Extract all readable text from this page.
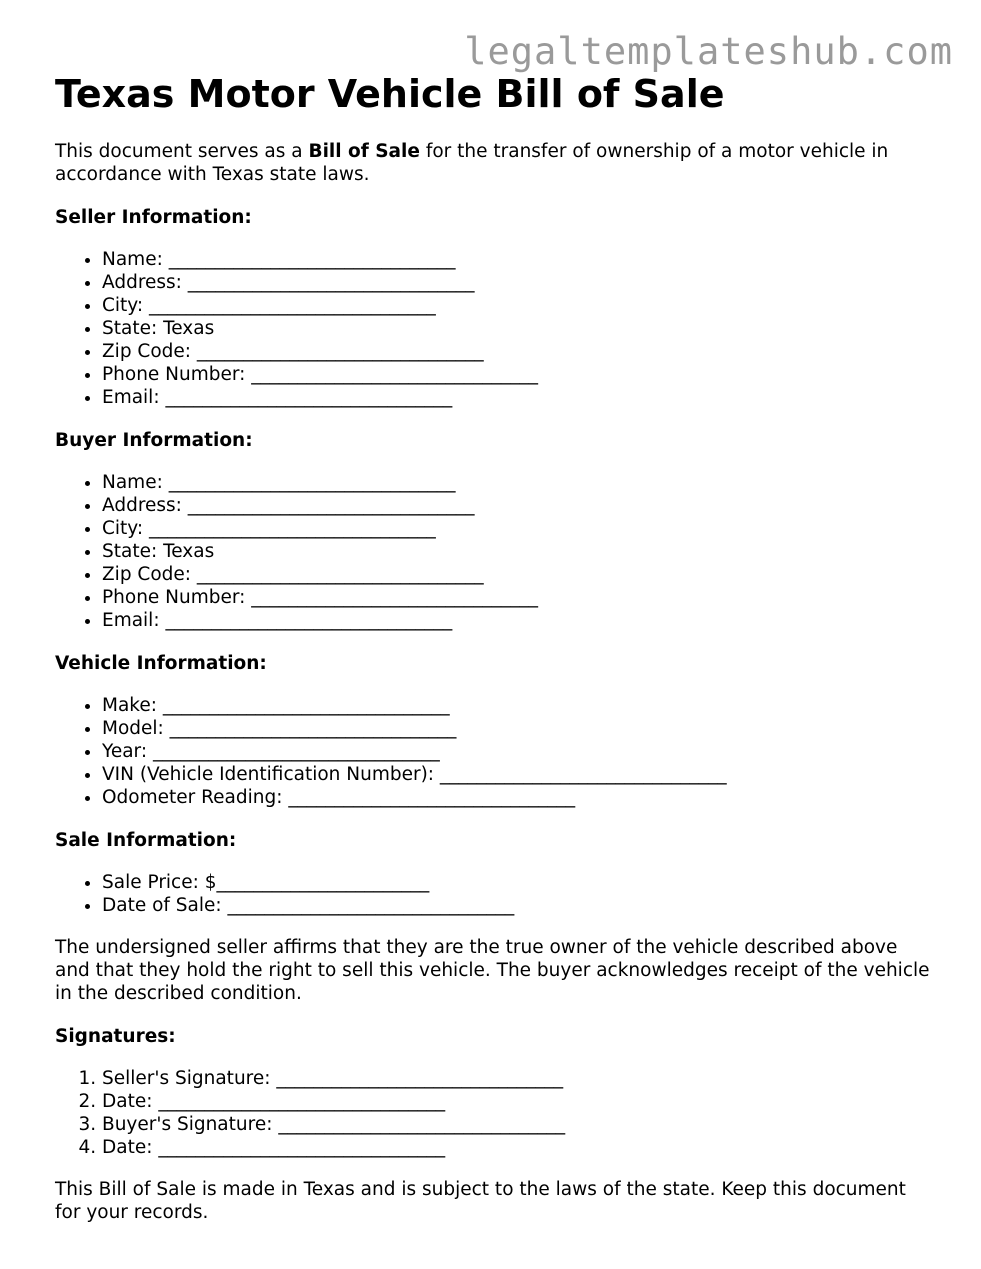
legaltemplateshub.com
Texas Motor Vehicle Bill of Sale

This document serves as a Bill of Sale for the transfer of ownership of a motor vehicle in accordance with Texas state laws.

Seller Information:

• Name: _______________________________
• Address: _______________________________
• City: _______________________________
• State: Texas
• Zip Code: _______________________________
• Phone Number: _______________________________
• Email: _______________________________

Buyer Information:

• Name: _______________________________
• Address: _______________________________
• City: _______________________________
• State: Texas
• Zip Code: _______________________________
• Phone Number: _______________________________
• Email: _______________________________

Vehicle Information:

• Make: _______________________________
• Model: _______________________________
• Year: _______________________________
• VIN (Vehicle Identification Number): _______________________________
• Odometer Reading: _______________________________

Sale Information:

• Sale Price: $_______________________
• Date of Sale: _______________________________

The undersigned seller affirms that they are the true owner of the vehicle described above and that they hold the right to sell this vehicle. The buyer acknowledges receipt of the vehicle in the described condition.

Signatures:

1. Seller's Signature: _______________________________
2. Date: _______________________________
3. Buyer's Signature: _______________________________
4. Date: _______________________________

This Bill of Sale is made in Texas and is subject to the laws of the state. Keep this document for your records.
